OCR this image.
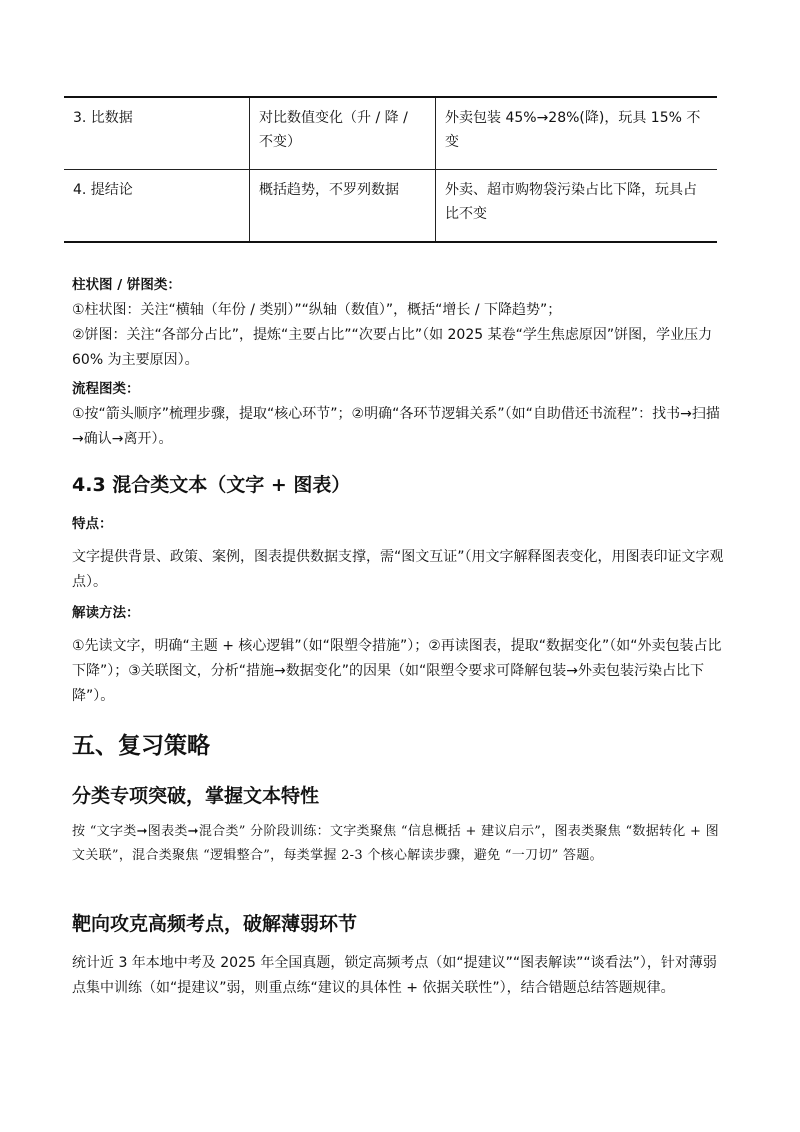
3. 比数据	对比数值变化（升 / 降 / 不变）	外卖包装 45%→28%(降)，玩具 15% 不变
4. 提结论	概括趋势，不罗列数据	外卖、超市购物袋污染占比下降，玩具占比不变
柱状图 / 饼图类：
①柱状图：关注“横轴（年份 / 类别）”“纵轴（数值）”，概括“增长 / 下降趋势”；
②饼图：关注“各部分占比”，提炼“主要占比”“次要占比”（如 2025 某卷“学生焦虑原因”饼图，学业压力 60% 为主要原因）。
流程图类：
①按“箭头顺序”梳理步骤，提取“核心环节”；②明确“各环节逻辑关系”（如“自助借还书流程”：找书→扫描→确认→离开）。
4.3 混合类文本（文字 + 图表）
特点：
文字提供背景、政策、案例，图表提供数据支撑，需“图文互证”（用文字解释图表变化，用图表印证文字观点）。
解读方法：
①先读文字，明确“主题 + 核心逻辑”（如“限塑令措施”）；②再读图表，提取“数据变化”（如“外卖包装占比下降”）；③关联图文，分析“措施→数据变化”的因果（如“限塑令要求可降解包装→外卖包装污染占比下降”）。
五、复习策略
分类专项突破，掌握文本特性
按 “文字类➞图表类➞混合类” 分阶段训练：文字类聚焦 “信息概括 + 建议启示”，图表类聚焦 “数据转化 + 图文关联”，混合类聚焦 “逻辑整合”，每类掌握 2-3 个核心解读步骤，避免 “一刀切” 答题。
靶向攻克高频考点，破解薄弱环节
统计近 3 年本地中考及 2025 年全国真题，锁定高频考点（如“提建议”“图表解读”“谈看法”），针对薄弱点集中训练（如“提建议”弱，则重点练“建议的具体性 + 依据关联性”），结合错题总结答题规律。
